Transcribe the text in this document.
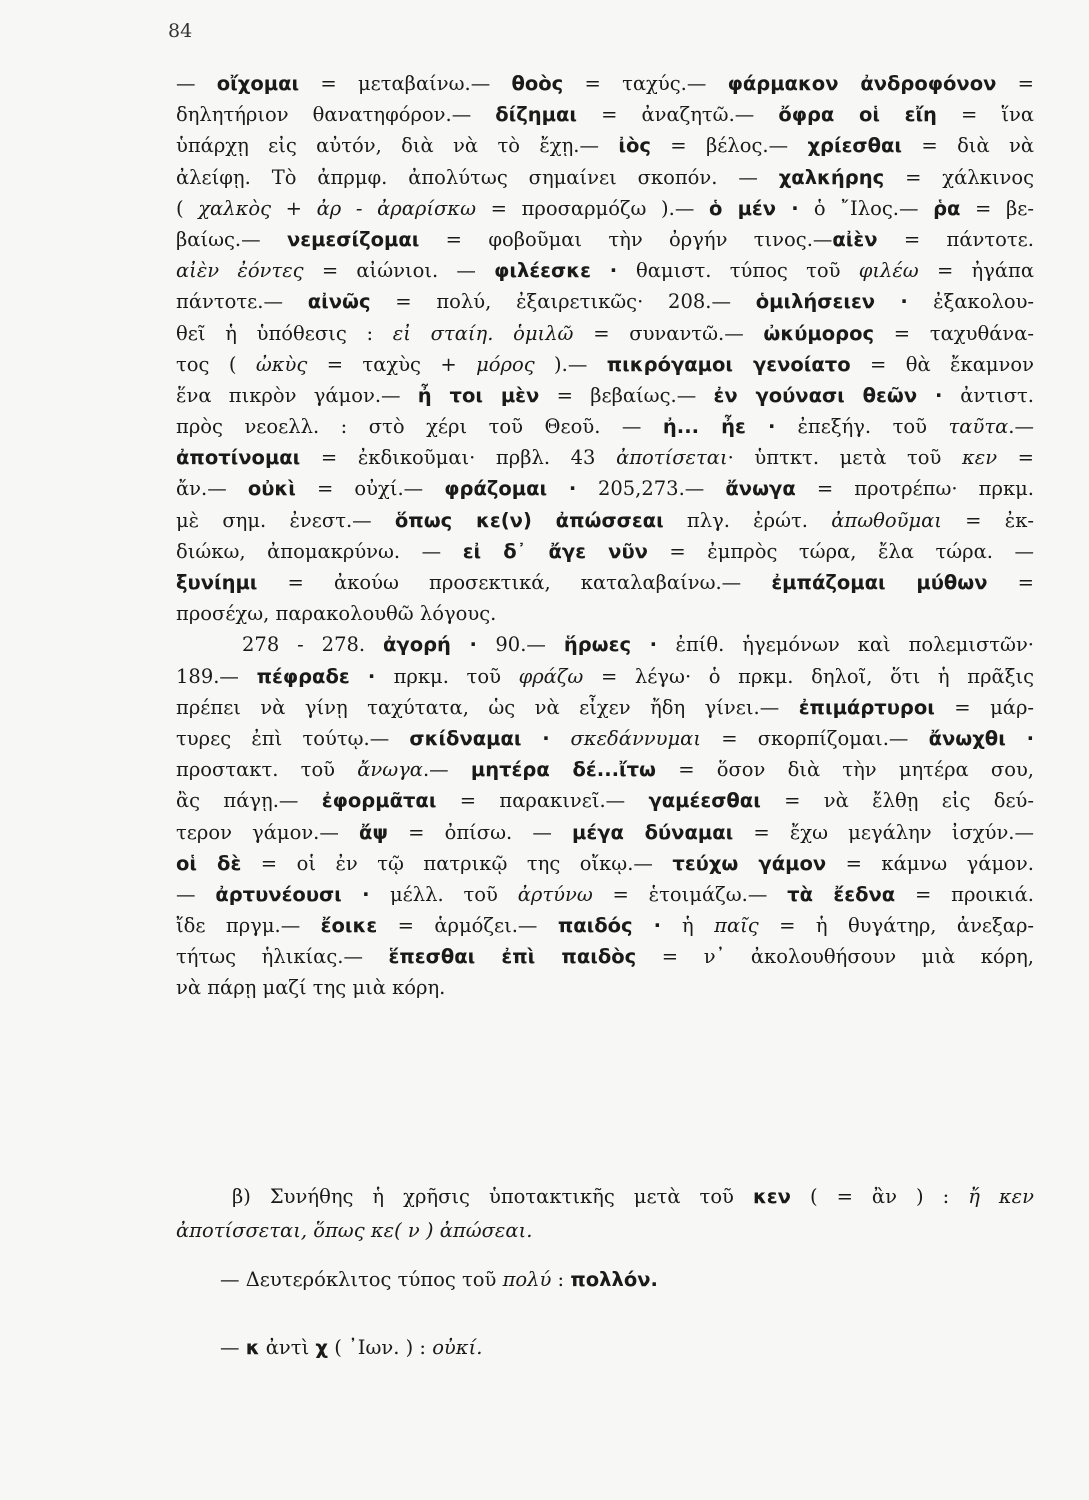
84
— οἴχομαι = μεταβαίνω.— θοὸς = ταχύς.— φάρμακον ἀνδροφόνον =
δηλητήριον θανατηφόρον.— δίζημαι = ἀναζητῶ.— ὄφρα οἱ εἴη = ἵνα
ὑπάρχῃ εἰς αὐτόν, διὰ νὰ τὸ ἔχῃ.— ἰὸς = βέλος.— χρίεσθαι = διὰ νὰ
ἀλείφῃ. Τὸ ἀπρμφ. ἀπολύτως σημαίνει σκοπόν. — χαλκήρης = χάλκινος
( χαλκὸς + ἀρ - ἀραρίσκω = προσαρμόζω ).— ὁ μέν · ὁ ῎Ιλος.— ῥα = βε-
βαίως.— νεμεσίζομαι = φοβοῦμαι τὴν ὀργήν τινος.—αἰὲν = πάντοτε.
αἰὲν ἐόντες = αἰώνιοι. — φιλέεσκε · θαμιστ. τύπος τοῦ φιλέω = ἠγάπα
πάντοτε.— αἰνῶς = πολύ, ἐξαιρετικῶς· 208.— ὁμιλήσειεν · ἐξακολου-
θεῖ ἡ ὑπόθεσις : εἰ σταίη. ὁμιλῶ = συναντῶ.— ὠκύμορος = ταχυθάνα-
τος ( ὠκὺς = ταχὺς + μόρος ).— πικρόγαμοι γενοίατο = θὰ ἔκαμνον
ἕνα πικρὸν γάμον.— ἦ τοι μὲν = βεβαίως.— ἐν γούνασι θεῶν · ἀντιστ.
πρὸς νεοελλ. : στὸ χέρι τοῦ Θεοῦ. — ἠ... ἦε · ἐπεξήγ. τοῦ ταῦτα.—
ἀποτίνομαι = ἐκδικοῦμαι· πρβλ. 43 ἀποτίσεται· ὑπτκτ. μετὰ τοῦ κεν =
ἄν.— οὐκὶ = οὐχί.— φράζομαι · 205,273.— ἄνωγα = προτρέπω· πρκμ.
μὲ σημ. ἐνεστ.— ὅπως κε(ν) ἀπώσσεαι πλγ. ἐρώτ. ἀπωθοῦμαι = ἐκ-
διώκω, ἀπομακρύνω. — εἰ δ᾽ ἄγε νῦν = ἐμπρὸς τώρα, ἔλα τώρα. —
ξυνίημι = ἀκούω προσεκτικά, καταλαβαίνω.— ἐμπάζομαι μύθων =
προσέχω, παρακολουθῶ λόγους.
278 - 278. ἀγορή · 90.— ἥρωες · ἐπίθ. ἡγεμόνων καὶ πολεμιστῶν·
189.— πέφραδε · πρκμ. τοῦ φράζω = λέγω· ὁ πρκμ. δηλοῖ, ὅτι ἡ πρᾶξις
πρέπει νὰ γίνῃ ταχύτατα, ὡς νὰ εἶχεν ἤδη γίνει.— ἐπιμάρτυροι = μάρ-
τυρες ἐπὶ τούτῳ.— σκίδναμαι · σκεδάννυμαι = σκορπίζομαι.— ἄνωχθι ·
προστακτ. τοῦ ἄνωγα.— μητέρα δέ...ἴτω = ὅσον διὰ τὴν μητέρα σου,
ἂς πάγῃ.— ἐφορμᾶται = παρακινεῖ.— γαμέεσθαι = νὰ ἔλθῃ εἰς δεύ-
τερον γάμον.— ἄψ = ὀπίσω. — μέγα δύναμαι = ἔχω μεγάλην ἰσχύν.—
οἱ δὲ = οἱ ἐν τῷ πατρικῷ της οἴκῳ.— τεύχω γάμον = κάμνω γάμον.
— ἀρτυνέουσι · μέλλ. τοῦ ἀρτύνω = ἑτοιμάζω.— τὰ ἔεδνα = προικιά.
ἴδε πργμ.— ἔοικε = ἁρμόζει.— παιδός · ἡ παῖς = ἡ θυγάτηρ, ἀνεξαρ-
τήτως ἡλικίας.— ἕπεσθαι ἐπὶ παιδὸς = ν᾽ ἀκολουθήσουν μιὰ κόρη,
νὰ πάρῃ μαζί της μιὰ κόρη.
β) Συνήθης ἡ χρῆσις ὑποτακτικῆς μετὰ τοῦ κεν ( = ἂν ) : ἤ κεν
ἀποτίσσεται, ὅπως κε( ν ) ἀπώσεαι.
— Δευτερόκλιτος τύπος τοῦ πολύ : πολλόν.
— κ ἀντὶ χ ( ᾽Ιων. ) : οὐκί.
